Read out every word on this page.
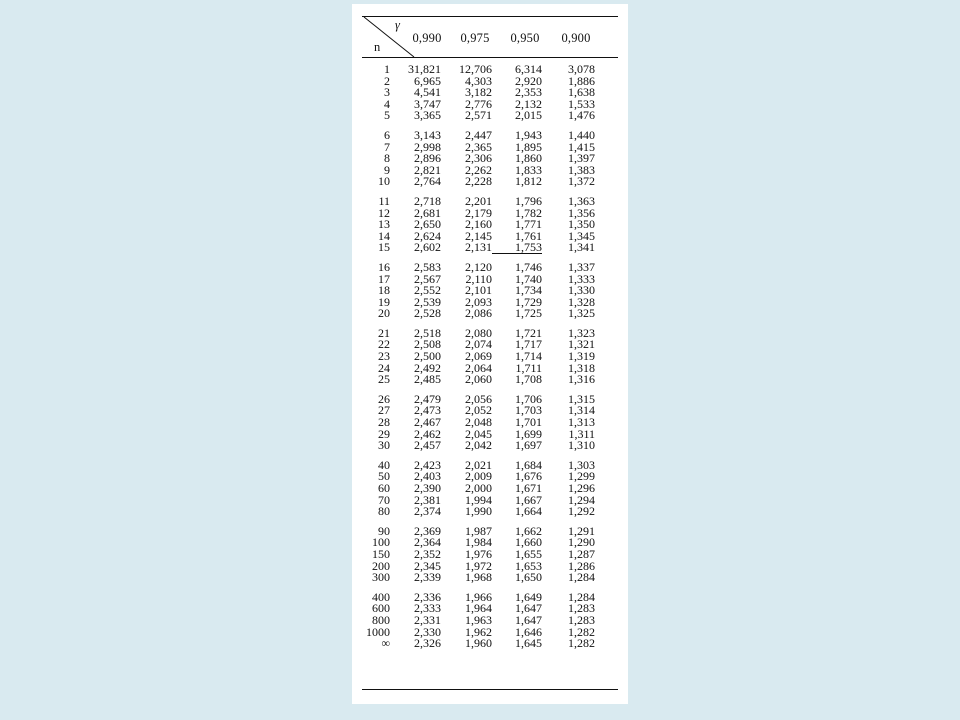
γ
n
0,990	0,975	0,950	0,900
1	31,821	12,706	6,314	3,078
2	6,965	4,303	2,920	1,886
3	4,541	3,182	2,353	1,638
4	3,747	2,776	2,132	1,533
5	3,365	2,571	2,015	1,476
6	3,143	2,447	1,943	1,440
7	2,998	2,365	1,895	1,415
8	2,896	2,306	1,860	1,397
9	2,821	2,262	1,833	1,383
10	2,764	2,228	1,812	1,372
11	2,718	2,201	1,796	1,363
12	2,681	2,179	1,782	1,356
13	2,650	2,160	1,771	1,350
14	2,624	2,145	1,761	1,345
15	2,602	2,131	1,753	1,341
16	2,583	2,120	1,746	1,337
17	2,567	2,110	1,740	1,333
18	2,552	2,101	1,734	1,330
19	2,539	2,093	1,729	1,328
20	2,528	2,086	1,725	1,325
21	2,518	2,080	1,721	1,323
22	2,508	2,074	1,717	1,321
23	2,500	2,069	1,714	1,319
24	2,492	2,064	1,711	1,318
25	2,485	2,060	1,708	1,316
26	2,479	2,056	1,706	1,315
27	2,473	2,052	1,703	1,314
28	2,467	2,048	1,701	1,313
29	2,462	2,045	1,699	1,311
30	2,457	2,042	1,697	1,310
40	2,423	2,021	1,684	1,303
50	2,403	2,009	1,676	1,299
60	2,390	2,000	1,671	1,296
70	2,381	1,994	1,667	1,294
80	2,374	1,990	1,664	1,292
90	2,369	1,987	1,662	1,291
100	2,364	1,984	1,660	1,290
150	2,352	1,976	1,655	1,287
200	2,345	1,972	1,653	1,286
300	2,339	1,968	1,650	1,284
400	2,336	1,966	1,649	1,284
600	2,333	1,964	1,647	1,283
800	2,331	1,963	1,647	1,283
1000	2,330	1,962	1,646	1,282
∞	2,326	1,960	1,645	1,282
